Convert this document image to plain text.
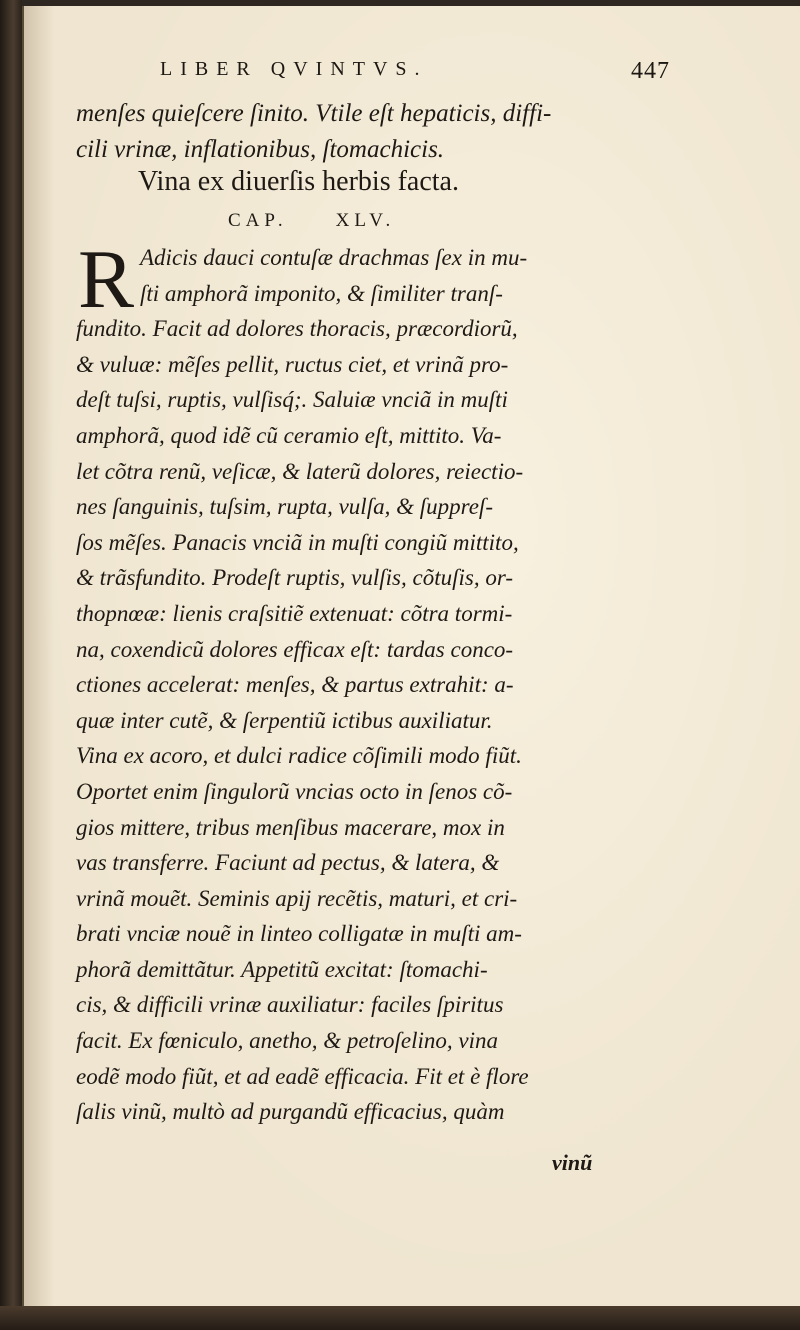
LIBER QVINTVS.	447
menſes quieſcere ſinito. Vtile eſt hepaticis, diffi-
cili vrinæ, inflationibus, ſtomachicis.
Vina ex diuerſis herbis facta.
CAP.	XLV.
R Adicis dauci contuſæ drachmas ſex in mu-
ſti amphorã imponito, & ſimiliter tranſ-
fundito. Facit ad dolores thoracis, præcordiorũ,
& vuluæ: mẽſes pellit, ructus ciet, et vrinã pro-
deſt tuſsi, ruptis, vulſisq́;. Saluiæ vnciã in muſti
amphorã, quod idẽ cũ ceramio eſt, mittito. Va-
let cõtra renũ, veſicæ, & laterũ dolores, reiectio-
nes ſanguinis, tuſsim, rupta, vulſa, & ſuppreſ-
ſos mẽſes. Panacis vnciã in muſti congiũ mittito,
& trãsfundito. Prodeſt ruptis, vulſis, cõtuſis, or-
thopnœæ: lienis craſsitiẽ extenuat: cõtra tormi-
na, coxendicũ dolores efficax eſt: tardas conco-
ctiones accelerat: menſes, & partus extrahit: a-
quæ inter cutẽ, & ſerpentiũ ictibus auxiliatur.
Vina ex acoro, et dulci radice cõſimili modo fiũt.
Oportet enim ſingulorũ vncias octo in ſenos cõ-
gios mittere, tribus menſibus macerare, mox in
vas transferre. Faciunt ad pectus, & latera, &
vrinã mouẽt. Seminis apij recẽtis, maturi, et cri-
brati vnciæ nouẽ in linteo colligatæ in muſti am-
phorã demittãtur. Appetitũ excitat: ſtomachi-
cis, & difficili vrinæ auxiliatur: faciles ſpiritus
facit. Ex fœniculo, anetho, & petroſelino, vina
eodẽ modo fiũt, et ad eadẽ efficacia. Fit et è flore
ſalis vinũ, multò ad purgandũ efficacius, quàm
vinũ
